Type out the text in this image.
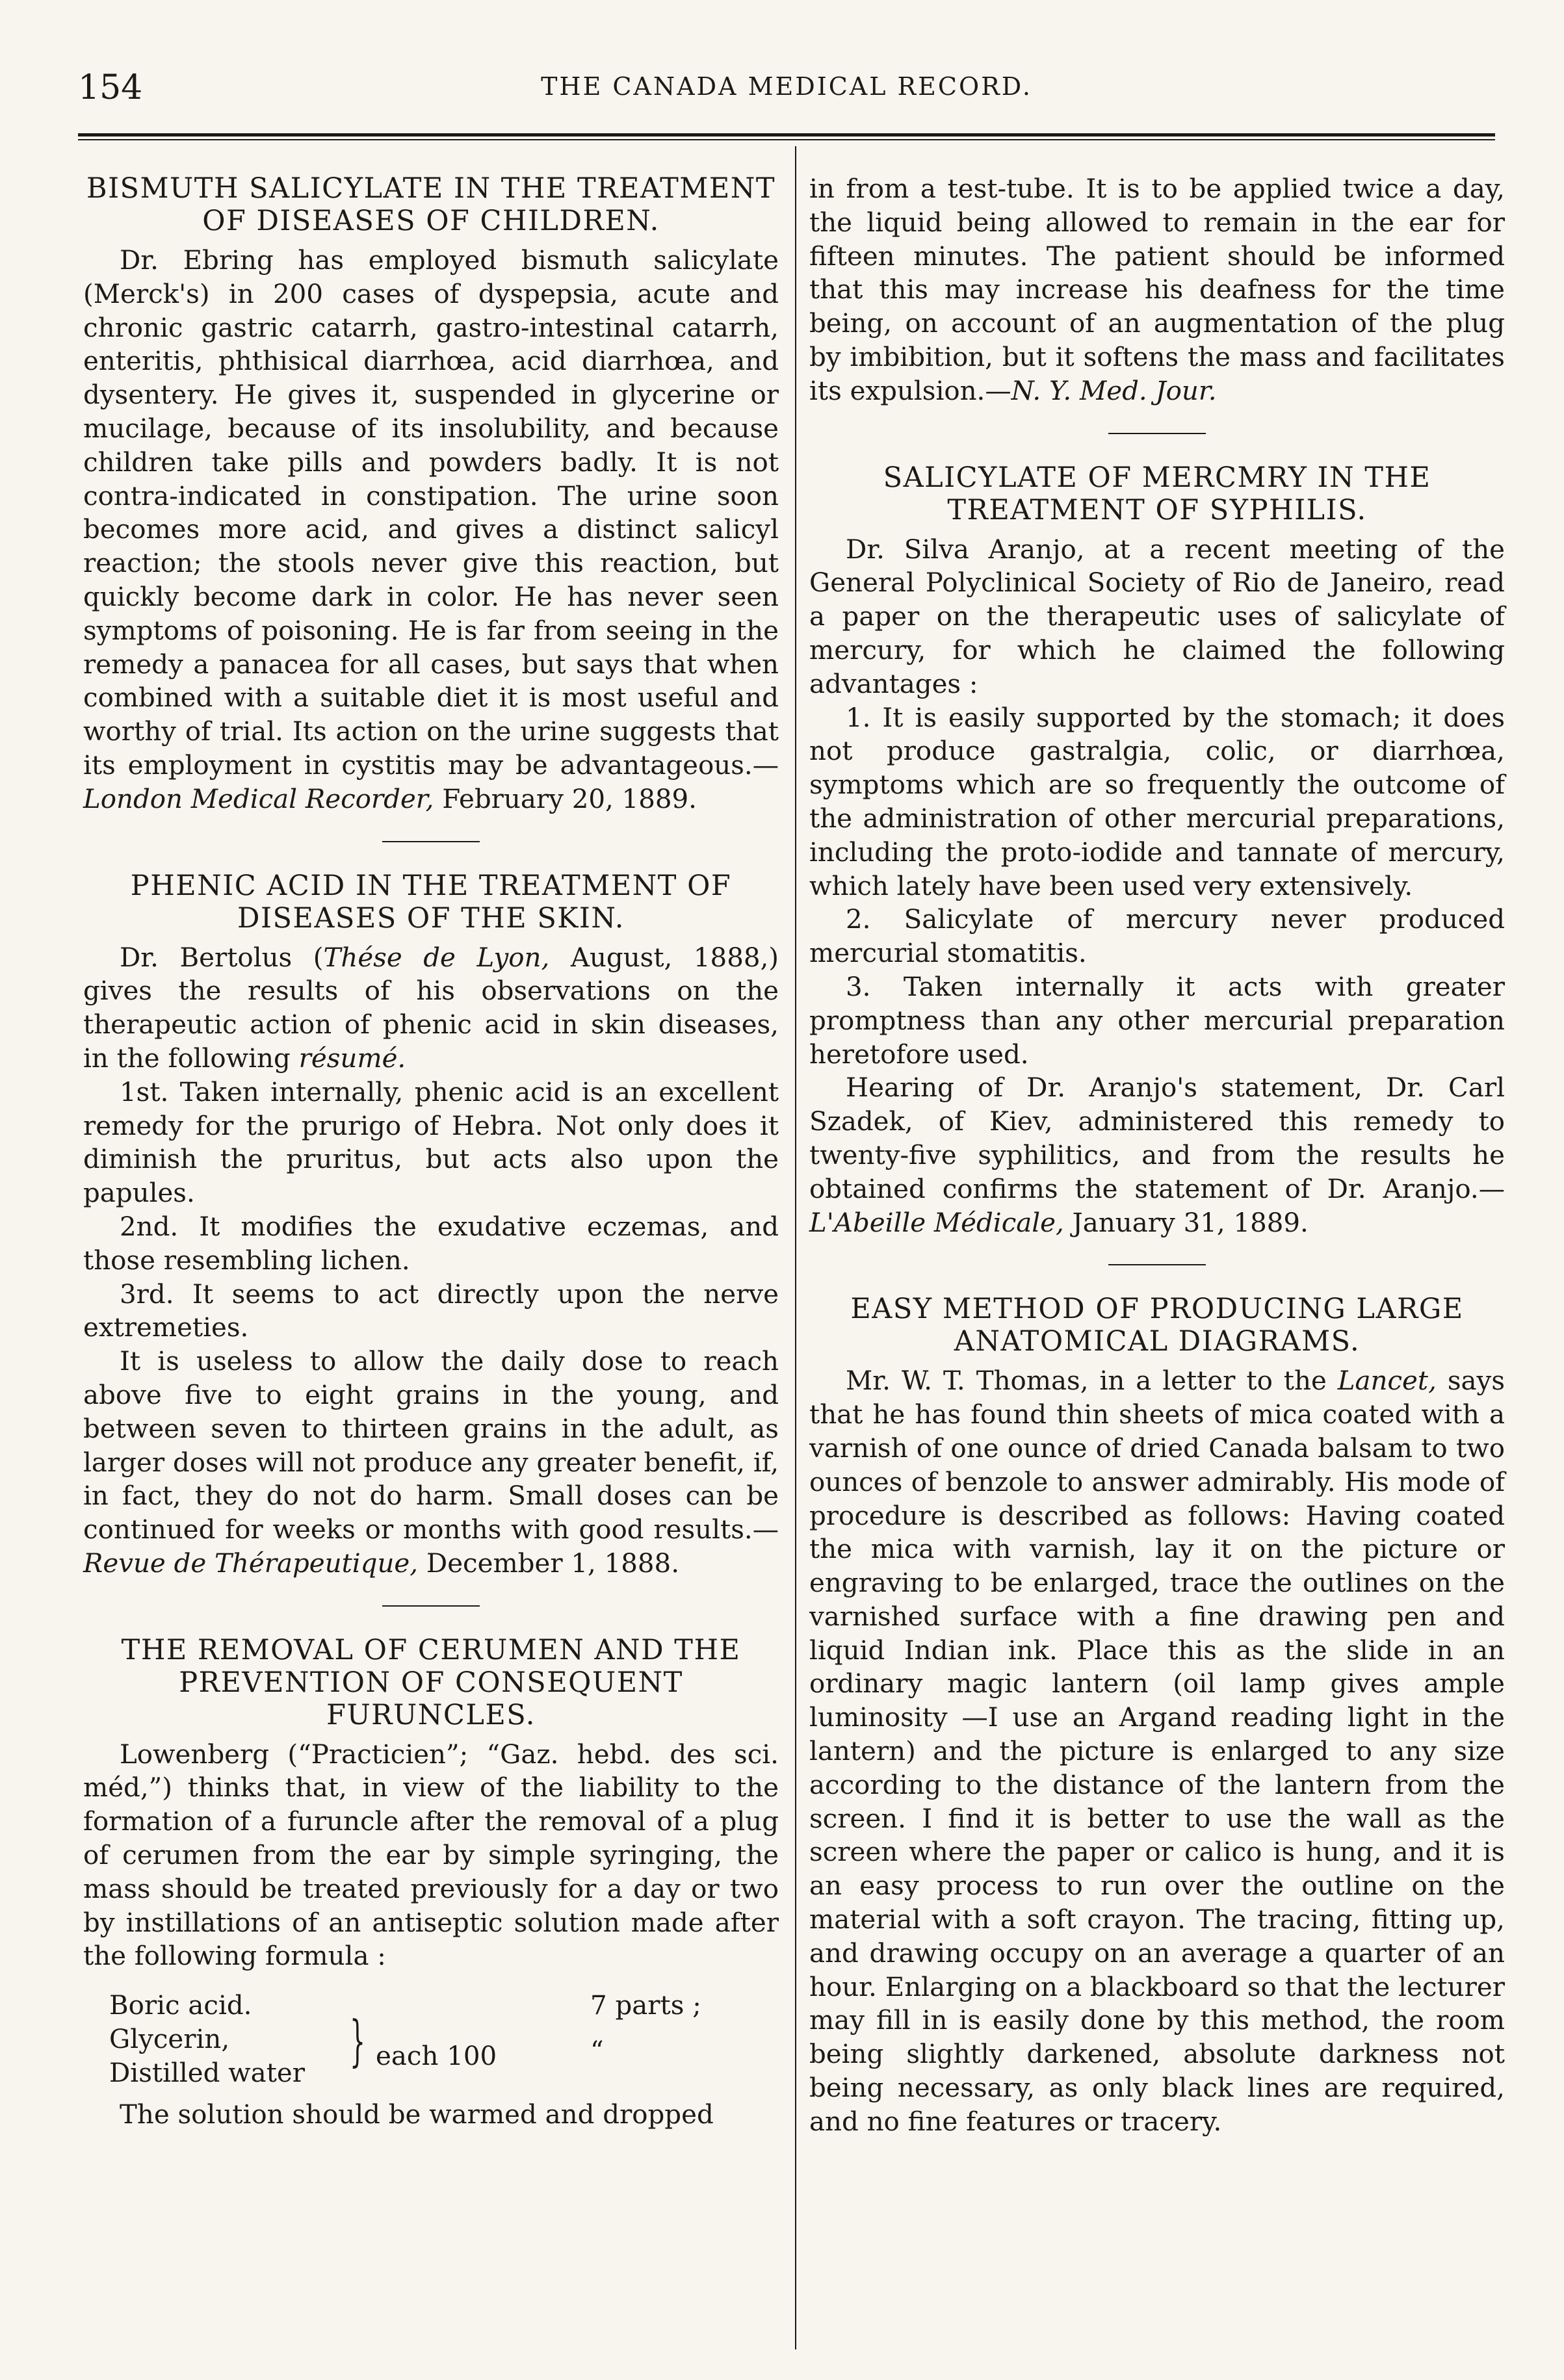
154	THE CANADA MEDICAL RECORD.
BISMUTH SALICYLATE IN THE TREATMENT OF DISEASES OF CHILDREN.

Dr. Ebring has employed bismuth salicylate (Merck's) in 200 cases of dyspepsia, acute and chronic gastric catarrh, gastro-intestinal catarrh, enteritis, phthisical diarrhœa, acid diarrhœa, and dysentery. He gives it, suspended in glycerine or mucilage, because of its insolubility, and because children take pills and powders badly. It is not contra-indicated in constipation. The urine soon becomes more acid, and gives a distinct salicyl reaction; the stools never give this reaction, but quickly become dark in color. He has never seen symptoms of poisoning. He is far from seeing in the remedy a panacea for all cases, but says that when combined with a suitable diet it is most useful and worthy of trial. Its action on the urine suggests that its employment in cystitis may be advantageous.—London Medical Recorder, February 20, 1889.

PHENIC ACID IN THE TREATMENT OF DISEASES OF THE SKIN.

Dr. Bertolus (Thése de Lyon, August, 1888,) gives the results of his observations on the therapeutic action of phenic acid in skin diseases, in the following résumé.

1st. Taken internally, phenic acid is an excellent remedy for the prurigo of Hebra. Not only does it diminish the pruritus, but acts also upon the papules.

2nd. It modifies the exudative eczemas, and those resembling lichen.

3rd. It seems to act directly upon the nerve extremeties.

It is useless to allow the daily dose to reach above five to eight grains in the young, and between seven to thirteen grains in the adult, as larger doses will not produce any greater benefit, if, in fact, they do not do harm. Small doses can be continued for weeks or months with good results.—Revue de Thérapeutique, December 1, 1888.

THE REMOVAL OF CERUMEN AND THE PREVENTION OF CONSEQUENT FURUNCLES.

Lowenberg (“Practicien”; “Gaz. hebd. des sci. méd,”) thinks that, in view of the liability to the formation of a furuncle after the removal of a plug of cerumen from the ear by simple syringing, the mass should be treated previously for a day or two by instillations of an antiseptic solution made after the following formula :

Boric acid.	7 parts ;
Glycerin,
Distilled water
} each 100	“

The solution should be warmed and dropped

in from a test-tube. It is to be applied twice a day, the liquid being allowed to remain in the ear for fifteen minutes. The patient should be informed that this may increase his deafness for the time being, on account of an augmentation of the plug by imbibition, but it softens the mass and facilitates its expulsion.—N. Y. Med. Jour.

SALICYLATE OF MERCMRY IN THE TREATMENT OF SYPHILIS.

Dr. Silva Aranjo, at a recent meeting of the General Polyclinical Society of Rio de Janeiro, read a paper on the therapeutic uses of salicylate of mercury, for which he claimed the following advantages :

1. It is easily supported by the stomach; it does not produce gastralgia, colic, or diarrhœa, symptoms which are so frequently the outcome of the administration of other mercurial preparations, including the proto-iodide and tannate of mercury, which lately have been used very extensively.

2. Salicylate of mercury never produced mercurial stomatitis.

3. Taken internally it acts with greater promptness than any other mercurial preparation heretofore used.

Hearing of Dr. Aranjo's statement, Dr. Carl Szadek, of Kiev, administered this remedy to twenty-five syphilitics, and from the results he obtained confirms the statement of Dr. Aranjo.—L'Abeille Médicale, January 31, 1889.

EASY METHOD OF PRODUCING LARGE ANATOMICAL DIAGRAMS.

Mr. W. T. Thomas, in a letter to the Lancet, says that he has found thin sheets of mica coated with a varnish of one ounce of dried Canada balsam to two ounces of benzole to answer admirably. His mode of procedure is described as follows: Having coated the mica with varnish, lay it on the picture or engraving to be enlarged, trace the outlines on the varnished surface with a fine drawing pen and liquid Indian ink. Place this as the slide in an ordinary magic lantern (oil lamp gives ample luminosity —I use an Argand reading light in the lantern) and the picture is enlarged to any size according to the distance of the lantern from the screen. I find it is better to use the wall as the screen where the paper or calico is hung, and it is an easy process to run over the outline on the material with a soft crayon. The tracing, fitting up, and drawing occupy on an average a quarter of an hour. Enlarging on a blackboard so that the lecturer may fill in is easily done by this method, the room being slightly darkened, absolute darkness not being necessary, as only black lines are required, and no fine features or tracery.
